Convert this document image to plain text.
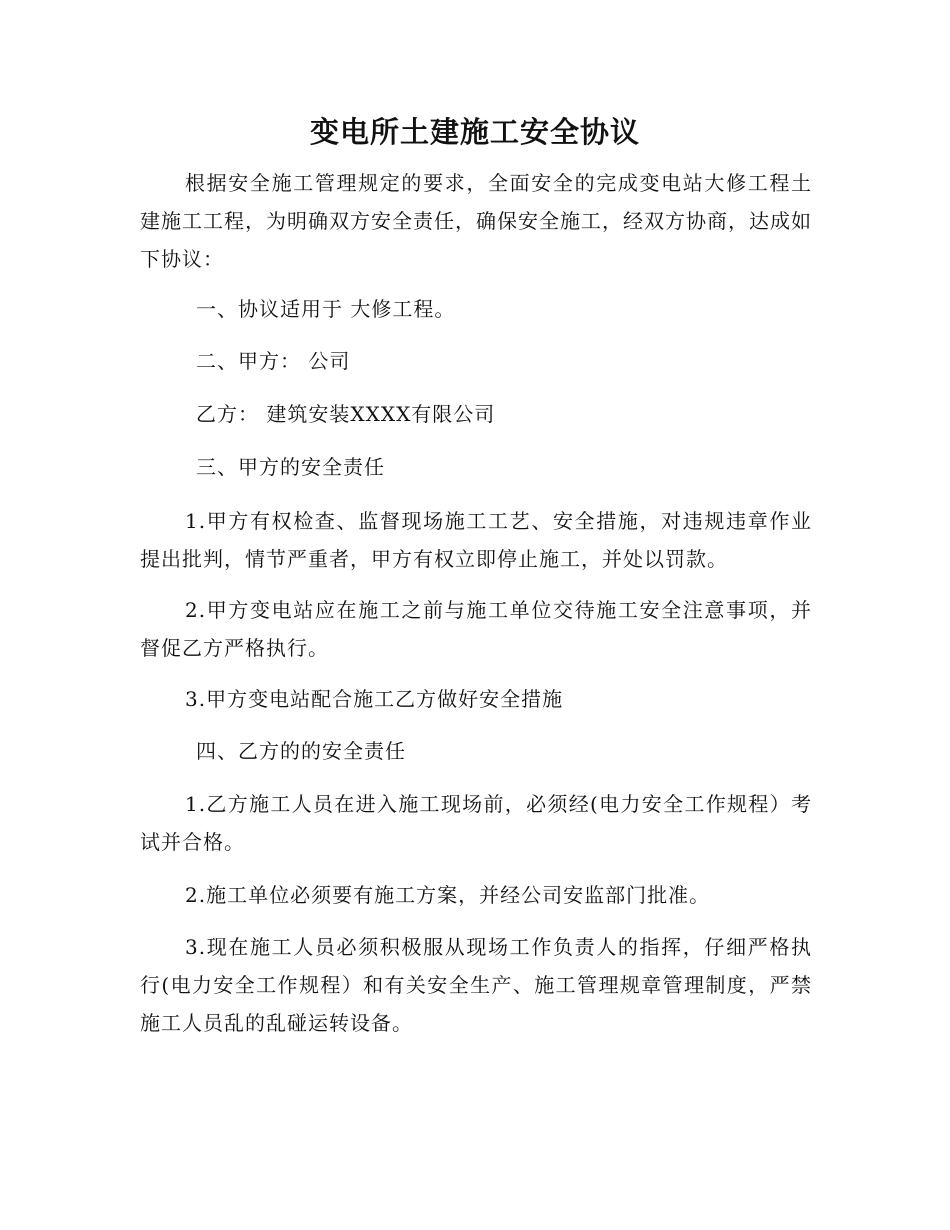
变电所土建施工安全协议

根据安全施工管理规定的要求，全面安全的完成变电站大修工程土建施工工程，为明确双方安全责任，确保安全施工，经双方协商，达成如下协议：

一、协议适用于 大修工程。

二、甲方： 公司

乙方： 建筑安装XXXX有限公司

三、甲方的安全责任

1.甲方有权检查、监督现场施工工艺、安全措施，对违规违章作业提出批判，情节严重者，甲方有权立即停止施工，并处以罚款。

2.甲方变电站应在施工之前与施工单位交待施工安全注意事项，并督促乙方严格执行。

3.甲方变电站配合施工乙方做好安全措施

四、乙方的的安全责任

1.乙方施工人员在进入施工现场前，必须经(电力安全工作规程）考试并合格。

2.施工单位必须要有施工方案，并经公司安监部门批准。

3.现在施工人员必须积极服从现场工作负责人的指挥，仔细严格执行(电力安全工作规程）和有关安全生产、施工管理规章管理制度，严禁施工人员乱的乱碰运转设备。
